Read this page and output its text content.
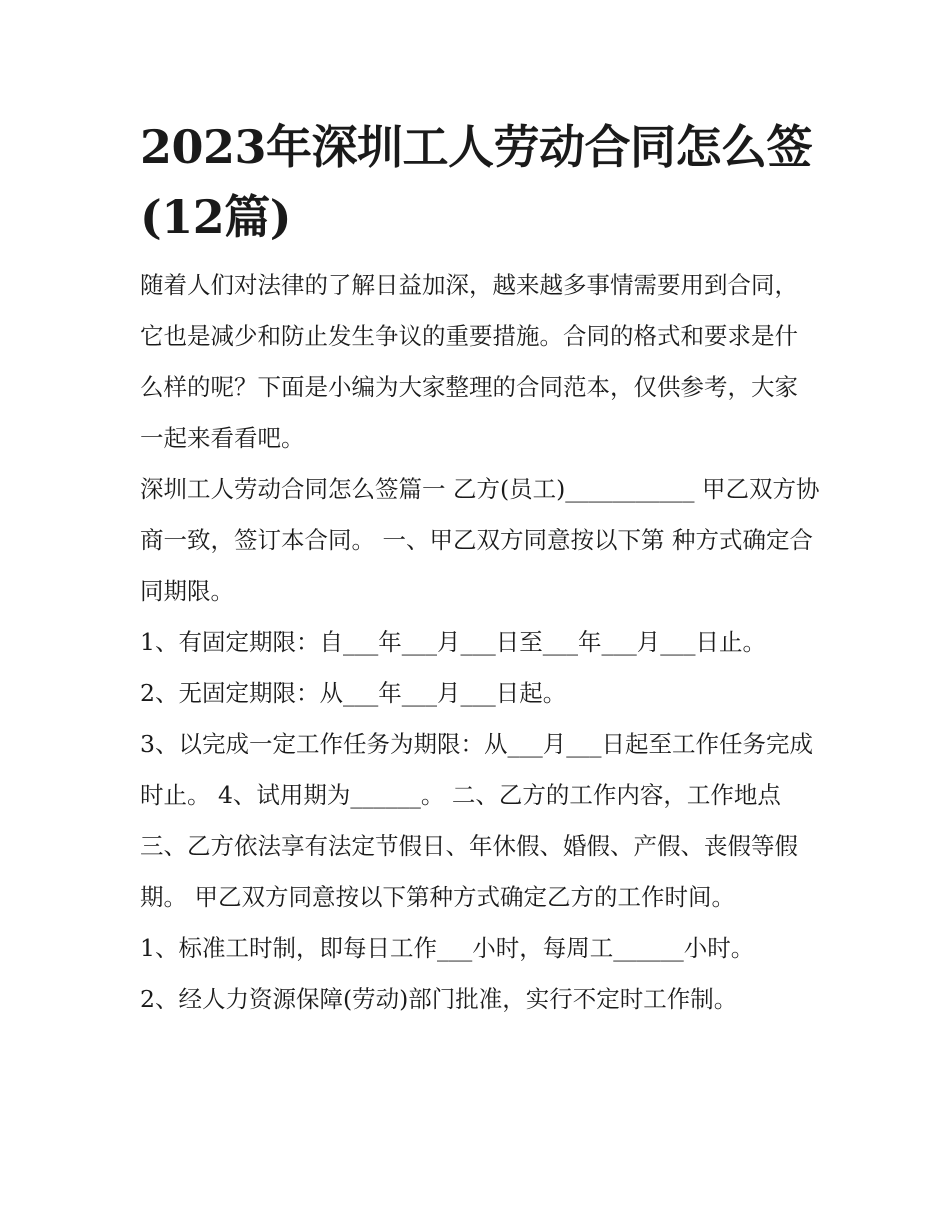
2023年深圳工人劳动合同怎么签(12篇)

随着人们对法律的了解日益加深，越来越多事情需要用到合同，它也是减少和防止发生争议的重要措施。合同的格式和要求是什么样的呢？下面是小编为大家整理的合同范本，仅供参考，大家一起来看看吧。

深圳工人劳动合同怎么签篇一 乙方(员工)___________ 甲乙双方协商一致，签订本合同。 一、甲乙双方同意按以下第 种方式确定合同期限。

1、有固定期限：自___年___月___日至___年___月___日止。

2、无固定期限：从___年___月___日起。

3、以完成一定工作任务为期限：从___月___日起至工作任务完成时止。 4、试用期为______。 二、乙方的工作内容，工作地点

三、乙方依法享有法定节假日、年休假、婚假、产假、丧假等假期。 甲乙双方同意按以下第种方式确定乙方的工作时间。

1、标准工时制，即每日工作___小时，每周工______小时。

2、经人力资源保障(劳动)部门批准，实行不定时工作制。
